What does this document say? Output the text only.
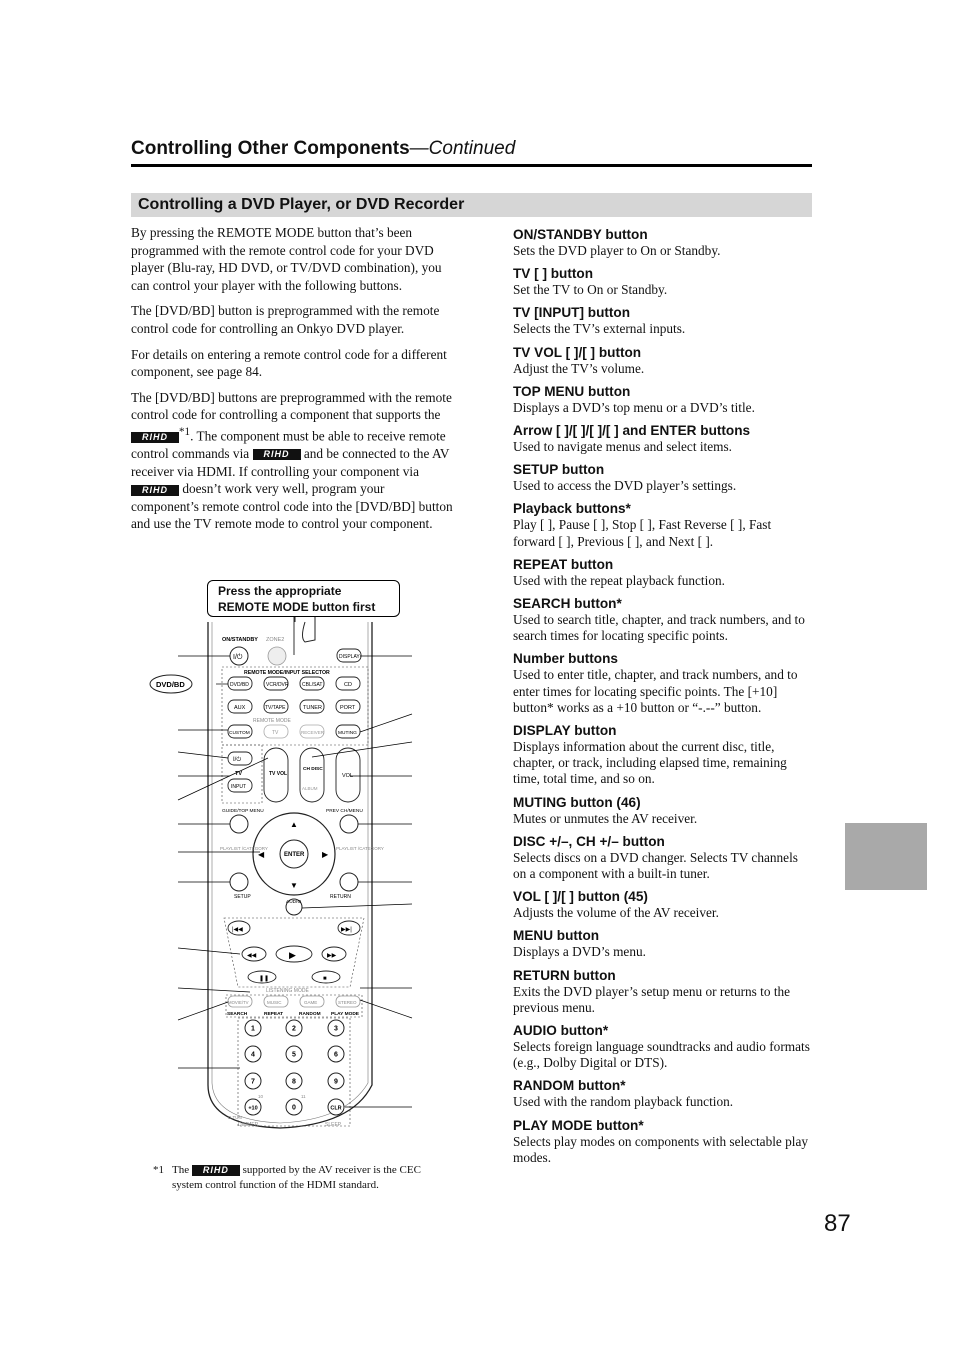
Controlling Other Components—Continued
Controlling a DVD Player, or DVD Recorder

By pressing the REMOTE MODE button that’s been programmed with the remote control code for your DVD player (Blu-ray, HD DVD, or TV/DVD combination), you can control your player with the following buttons.

The [DVD/BD] button is preprogrammed with the remote control code for controlling an Onkyo DVD player.

For details on entering a remote control code for a different component, see page 84.

The [DVD/BD] buttons are preprogrammed with the remote control code for controlling a component that supports the RIHD $^{*1}$. The component must be able to receive remote control commands via RIHD and be connected to the AV receiver via HDMI. If controlling your component via RIHD doesn’t work very well, program your component’s remote control code into the [DVD/BD] button and use the TV remote mode to control your component.

ON/STANDBY ZONE2
I/⏻	DISPLAY
REMOTE MODE/INPUT SELECTOR
DVD/BD	VCR/DVR	CBL/SAT	CD
AUX	TV/TAPE	TUNER	PORT
REMOTE MODE
CUSTOM	TV	RECEIVER	MUTING
I/⏻
TV
INPUT
TV VOL
CH DISC
ALBUM
VOL
GUIDE/TOP MENU	PREV CH/MENU
ENTER
▲
▼
◀	▶
PLAYLIST /CATEGORY	PLAYLIST /CATEGORY
SETUP	RETURN
AUDIO
|◀◀	▶▶|
◀◀	▶	▶▶
❚❚	■
LISTENING MODE
MOVIE/TV	MUSIC	GAME	STEREO
SEARCH	REPEAT	RANDOM PLAY MODE
1	2	3
4	5	6
7	8	9
+10	0	CLR
10	11
D.TUN
DIMMER	SLEEP
DVD/BD
Press the appropriate
REMOTE MODE button first
*1 The RIHD supported by the AV receiver is the CEC system control function of the HDMI standard.
ON/STANDBY button
Sets the DVD player to On or Standby.
TV [ ] button
Set the TV to On or Standby.
TV [INPUT] button
Selects the TV’s external inputs.
TV VOL [ ]/[ ] button
Adjust the TV’s volume.
TOP MENU button
Displays a DVD’s top menu or a DVD’s title.
Arrow [ ]/[ ]/[ ]/[ ] and ENTER buttons
Used to navigate menus and select items.
SETUP button
Used to access the DVD player’s settings.
Playback buttons*
Play [ ], Pause [ ], Stop [ ], Fast Reverse [ ], Fast forward [ ], Previous [ ], and Next [ ].
REPEAT button
Used with the repeat playback function.
SEARCH button*
Used to search title, chapter, and track numbers, and to search times for locating specific points.
Number buttons
Used to enter title, chapter, and track numbers, and to enter times for locating specific points. The [+10] button* works as a +10 button or “-.--” button.
DISPLAY button
Displays information about the current disc, title, chapter, or track, including elapsed time, remaining time, total time, and so on.
MUTING button (46)
Mutes or unmutes the AV receiver.
DISC +/–, CH +/– button
Selects discs on a DVD changer. Selects TV channels on a component with a built-in tuner.
VOL [ ]/[ ] button (45)
Adjusts the volume of the AV receiver.
MENU button
Displays a DVD’s menu.
RETURN button
Exits the DVD player’s setup menu or returns to the previous menu.
AUDIO button*
Selects foreign language soundtracks and audio formats (e.g., Dolby Digital or DTS).
RANDOM button*
Used with the random playback function.
PLAY MODE button*
Selects play modes on components with selectable play modes.
87
